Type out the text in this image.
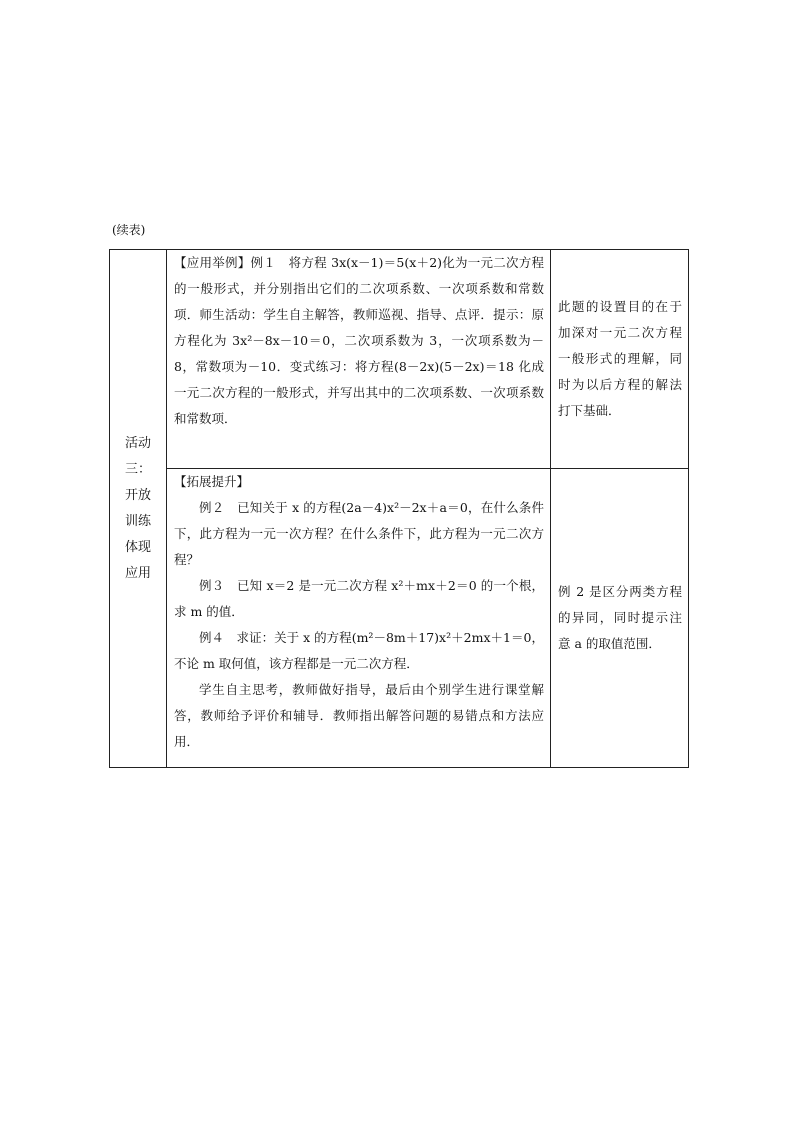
(续表)
活动三：开放训练体现应用	【应用举例】例１　将方程 3x(x－1)＝5(x＋2)化为一元二次方程的一般形式，并分别指出它们的二次项系数、一次项系数和常数项．师生活动：学生自主解答，教师巡视、指导、点评．提示：原方程化为 3x²－8x－10＝0，二次项系数为 3，一次项系数为－8，常数项为－10．变式练习：将方程(8－2x)(5－2x)＝18 化成一元二次方程的一般形式，并写出其中的二次项系数、一次项系数和常数项．	此题的设置目的在于加深对一元二次方程一般形式的理解，同时为以后方程的解法打下基础．

	【拓展提升】

例２　已知关于 x 的方程(2a－4)x²－2x＋a＝0，在什么条件下，此方程为一元一次方程？在什么条件下，此方程为一元二次方程？

例３　已知 x＝2 是一元二次方程 x²＋mx＋2＝0 的一个根，求 m 的值．

例４　求证：关于 x 的方程(m²－8m＋17)x²＋2mx＋1＝0，不论 m 取何值，该方程都是一元二次方程．

学生自主思考，教师做好指导，最后由个别学生进行课堂解答，教师给予评价和辅导．教师指出解答问题的易错点和方法应用．	例 2 是区分两类方程的异同，同时提示注意 a 的取值范围．
